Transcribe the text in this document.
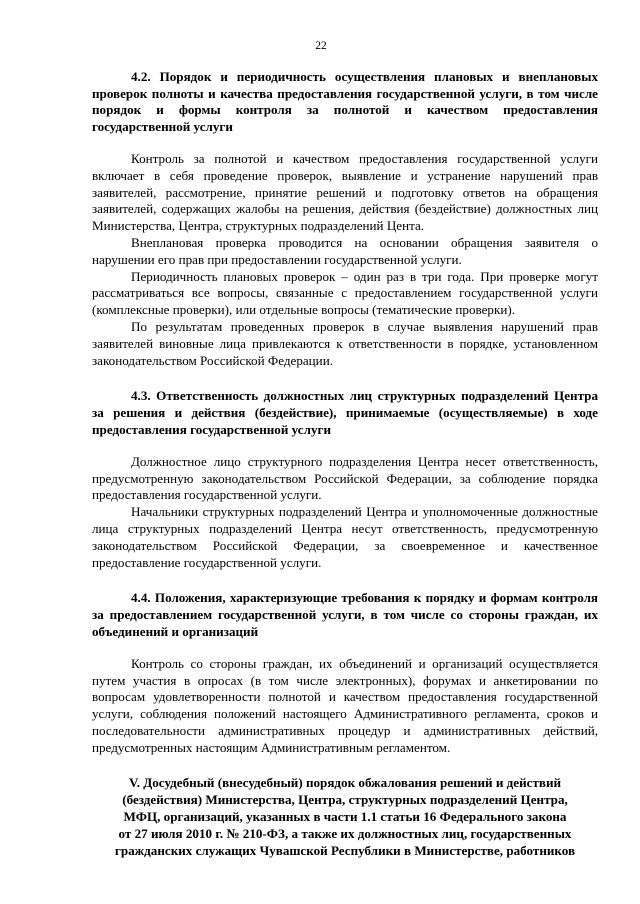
22

4.2. Порядок и периодичность осуществления плановых и внеплановых проверок полноты и качества предоставления государственной услуги, в том числе порядок и формы контроля за полнотой и качеством предоставления государственной услуги

Контроль за полнотой и качеством предоставления государственной услуги включает в себя проведение проверок, выявление и устранение нарушений прав заявителей, рассмотрение, принятие решений и подготовку ответов на обращения заявителей, содержащих жалобы на решения, действия (бездействие) должностных лиц Министерства, Центра, структурных подразделений Цента.

Внеплановая проверка проводится на основании обращения заявителя о нарушении его прав при предоставлении государственной услуги.

Периодичность плановых проверок – один раз в три года. При проверке могут рассматриваться все вопросы, связанные с предоставлением государственной услуги (комплексные проверки), или отдельные вопросы (тематические проверки).

По результатам проведенных проверок в случае выявления нарушений прав заявителей виновные лица привлекаются к ответственности в порядке, установленном законодательством Российской Федерации.

4.3. Ответственность должностных лиц структурных подразделений Центра за решения и действия (бездействие), принимаемые (осуществляемые) в ходе предоставления государственной услуги

Должностное лицо структурного подразделения Центра несет ответственность, предусмотренную законодательством Российской Федерации, за соблюдение порядка предоставления государственной услуги.

Начальники структурных подразделений Центра и уполномоченные должностные лица структурных подразделений Центра несут ответственность, предусмотренную законодательством Российской Федерации, за своевременное и качественное предоставление государственной услуги.

4.4. Положения, характеризующие требования к порядку и формам контроля за предоставлением государственной услуги, в том числе со стороны граждан, их объединений и организаций

Контроль со стороны граждан, их объединений и организаций осуществляется путем участия в опросах (в том числе электронных), форумах и анкетировании по вопросам удовлетворенности полнотой и качеством предоставления государственной услуги, соблюдения положений настоящего Административного регламента, сроков и последовательности административных процедур и административных действий, предусмотренных настоящим Административным регламентом.

V. Досудебный (внесудебный) порядок обжалования решений и действий
(бездействия) Министерства, Центра, структурных подразделений Центра,
МФЦ, организаций, указанных в части 1.1 статьи 16 Федерального закона
от 27 июля 2010 г. № 210-ФЗ, а также их должностных лиц, государственных
гражданских служащих Чувашской Республики в Министерстве, работников
